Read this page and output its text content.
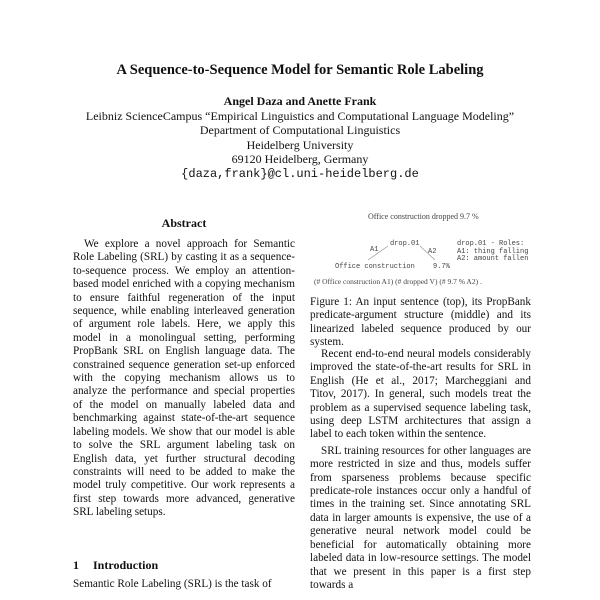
A Sequence-to-Sequence Model for Semantic Role Labeling
Angel Daza and Anette Frank
Leibniz ScienceCampus “Empirical Linguistics and Computational Language Modeling”
Department of Computational Linguistics
Heidelberg University
69120 Heidelberg, Germany
{daza,frank}@cl.uni-heidelberg.de
Abstract

We explore a novel approach for Semantic Role Labeling (SRL) by casting it as a sequence-to-sequence process. We employ an attention-based model enriched with a copying mechanism to ensure faithful regeneration of the input sequence, while enabling interleaved generation of argument role labels. Here, we apply this model in a monolingual setting, performing PropBank SRL on English language data. The constrained sequence generation set-up enforced with the copying mechanism allows us to analyze the performance and special properties of the model on manually labeled data and benchmarking against state-of-the-art sequence labeling models. We show that our model is able to solve the SRL argument labeling task on English data, yet further structural decoding constraints will need to be added to make the model truly competitive. Our work represents a first step towards more advanced, generative SRL labeling setups.

1 Introduction
Semantic Role Labeling (SRL) is the task of
Office construction dropped 9.7 %
drop.01
A1	A2
Office construction	9.7%
drop.01 - Roles:
A1: thing falling
A2: amount fallen
(# Office construction A1) (# dropped V) (# 9.7 % A2) .
Figure 1: An input sentence (top), its PropBank predicate-argument structure (middle) and its linearized labeled sequence produced by our system.

Recent end-to-end neural models considerably improved the state-of-the-art results for SRL in English (He et al., 2017; Marcheggiani and Titov, 2017). In general, such models treat the problem as a supervised sequence labeling task, using deep LSTM architectures that assign a label to each token within the sentence.

SRL training resources for other languages are more restricted in size and thus, models suffer from sparseness problems because specific predicate-role instances occur only a handful of times in the training set. Since annotating SRL data in larger amounts is expensive, the use of a generative neural network model could be beneficial for automatically obtaining more labeled data in low-resource settings. The model that we present in this paper is a first step towards a
